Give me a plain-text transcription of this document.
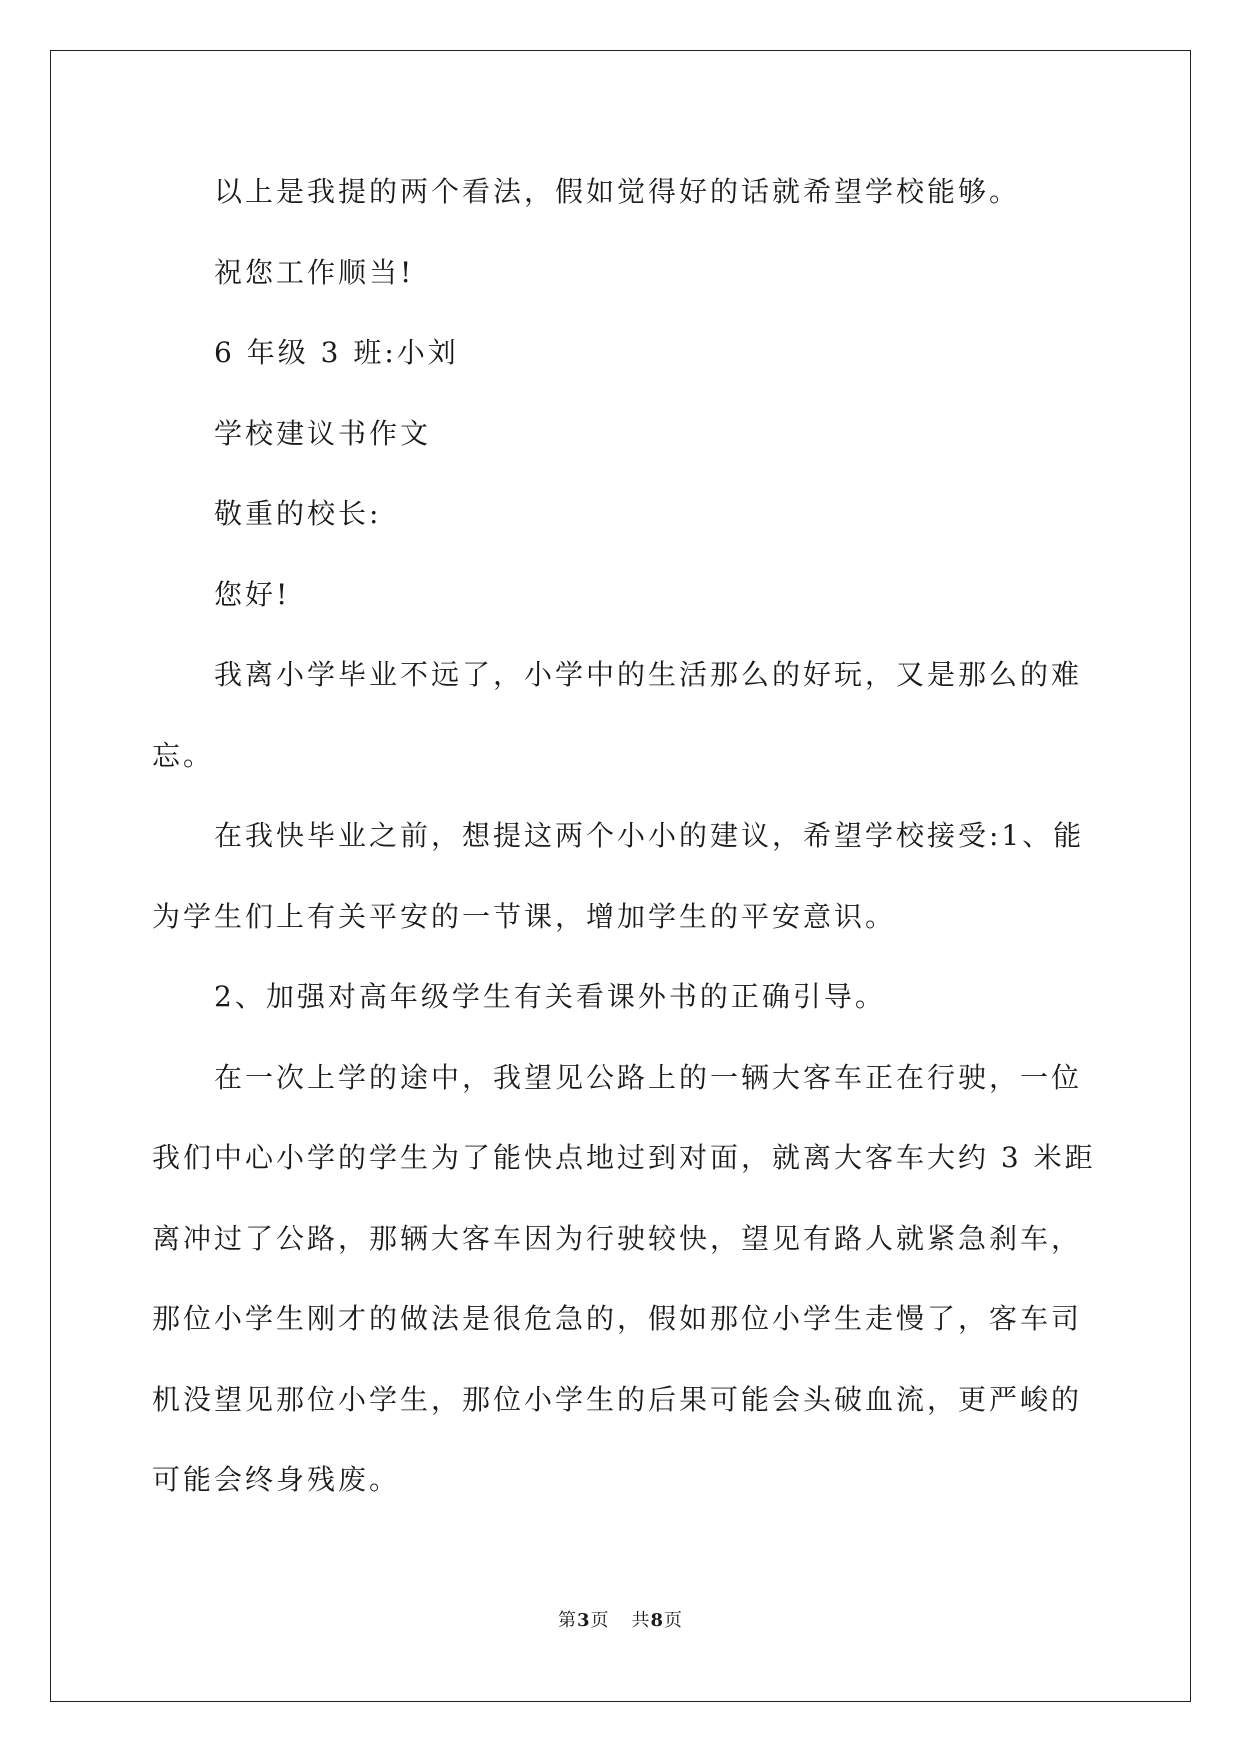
以上是我提的两个看法，假如觉得好的话就希望学校能够。
祝您工作顺当!
6 年级 3 班:小刘
学校建议书作文
敬重的校长:
您好!
我离小学毕业不远了，小学中的生活那么的好玩，又是那么的难
忘。
在我快毕业之前，想提这两个小小的建议，希望学校接受:1、能
为学生们上有关平安的一节课，增加学生的平安意识。
2、加强对高年级学生有关看课外书的正确引导。
在一次上学的途中，我望见公路上的一辆大客车正在行驶，一位
我们中心小学的学生为了能快点地过到对面，就离大客车大约 3 米距
离冲过了公路，那辆大客车因为行驶较快，望见有路人就紧急刹车，
那位小学生刚才的做法是很危急的，假如那位小学生走慢了，客车司
机没望见那位小学生，那位小学生的后果可能会头破血流，更严峻的
可能会终身残废。
第3页 共8页
